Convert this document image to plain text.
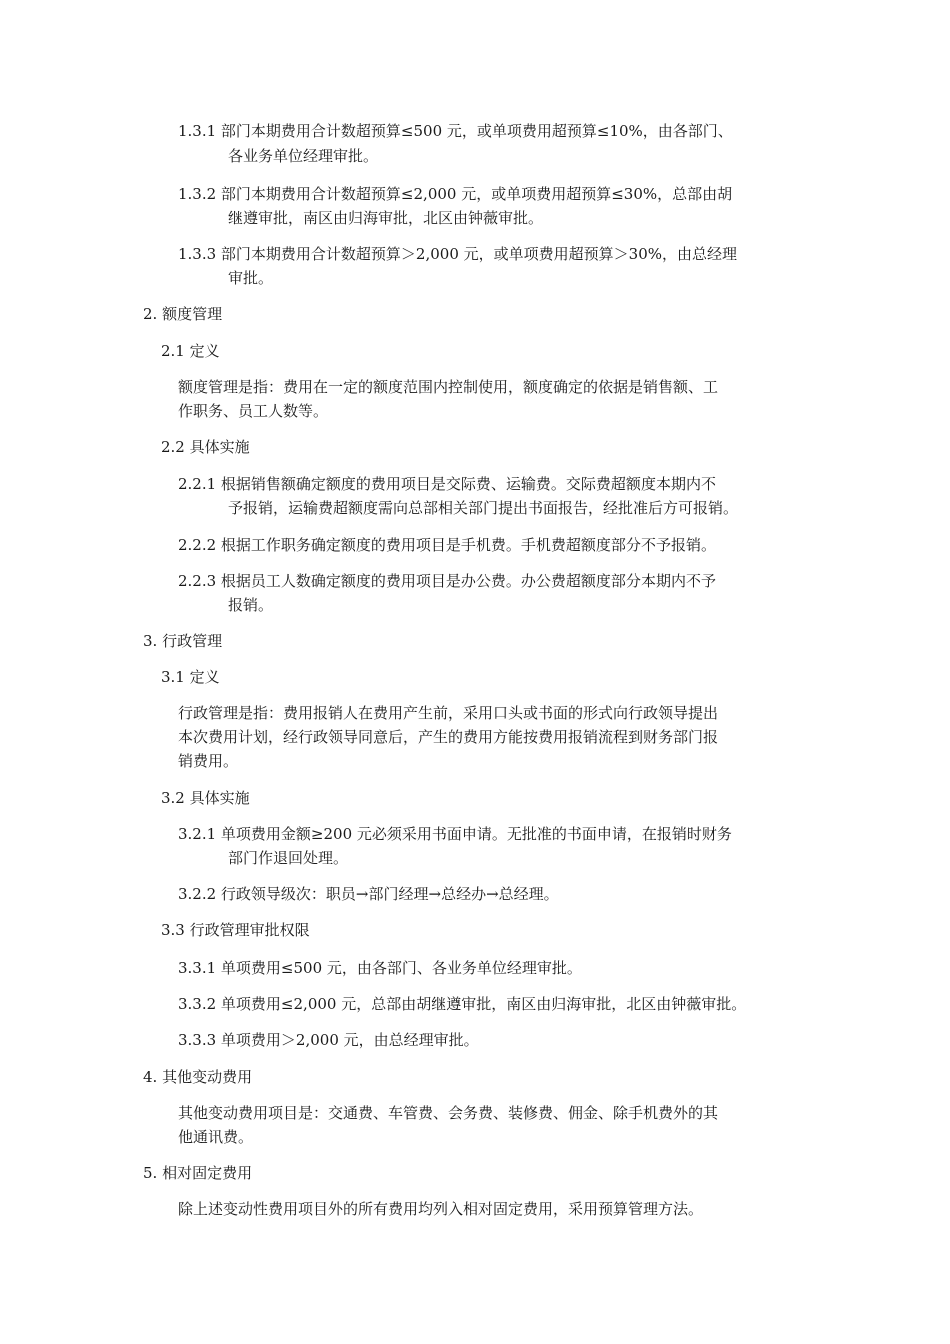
1.3.1 部门本期费用合计数超预算≤500 元，或单项费用超预算≤10%，由各部门、
各业务单位经理审批。
1.3.2 部门本期费用合计数超预算≤2,000 元，或单项费用超预算≤30%，总部由胡
继遵审批，南区由归海审批，北区由钟薇审批。
1.3.3 部门本期费用合计数超预算＞2,000 元，或单项费用超预算＞30%，由总经理
审批。
2. 额度管理
2.1 定义
额度管理是指：费用在一定的额度范围内控制使用，额度确定的依据是销售额、工
作职务、员工人数等。
2.2 具体实施
2.2.1 根据销售额确定额度的费用项目是交际费、运输费。交际费超额度本期内不
予报销，运输费超额度需向总部相关部门提出书面报告，经批准后方可报销。
2.2.2 根据工作职务确定额度的费用项目是手机费。手机费超额度部分不予报销。
2.2.3 根据员工人数确定额度的费用项目是办公费。办公费超额度部分本期内不予
报销。
3. 行政管理
3.1 定义
行政管理是指：费用报销人在费用产生前，采用口头或书面的形式向行政领导提出
本次费用计划，经行政领导同意后，产生的费用方能按费用报销流程到财务部门报
销费用。
3.2 具体实施
3.2.1 单项费用金额≥200 元必须采用书面申请。无批准的书面申请，在报销时财务
部门作退回处理。
3.2.2 行政领导级次：职员→部门经理→总经办→总经理。
3.3 行政管理审批权限
3.3.1 单项费用≤500 元，由各部门、各业务单位经理审批。
3.3.2 单项费用≤2,000 元，总部由胡继遵审批，南区由归海审批，北区由钟薇审批。
3.3.3 单项费用＞2,000 元，由总经理审批。
4. 其他变动费用
其他变动费用项目是：交通费、车管费、会务费、装修费、佣金、除手机费外的其
他通讯费。
5. 相对固定费用
除上述变动性费用项目外的所有费用均列入相对固定费用，采用预算管理方法。
